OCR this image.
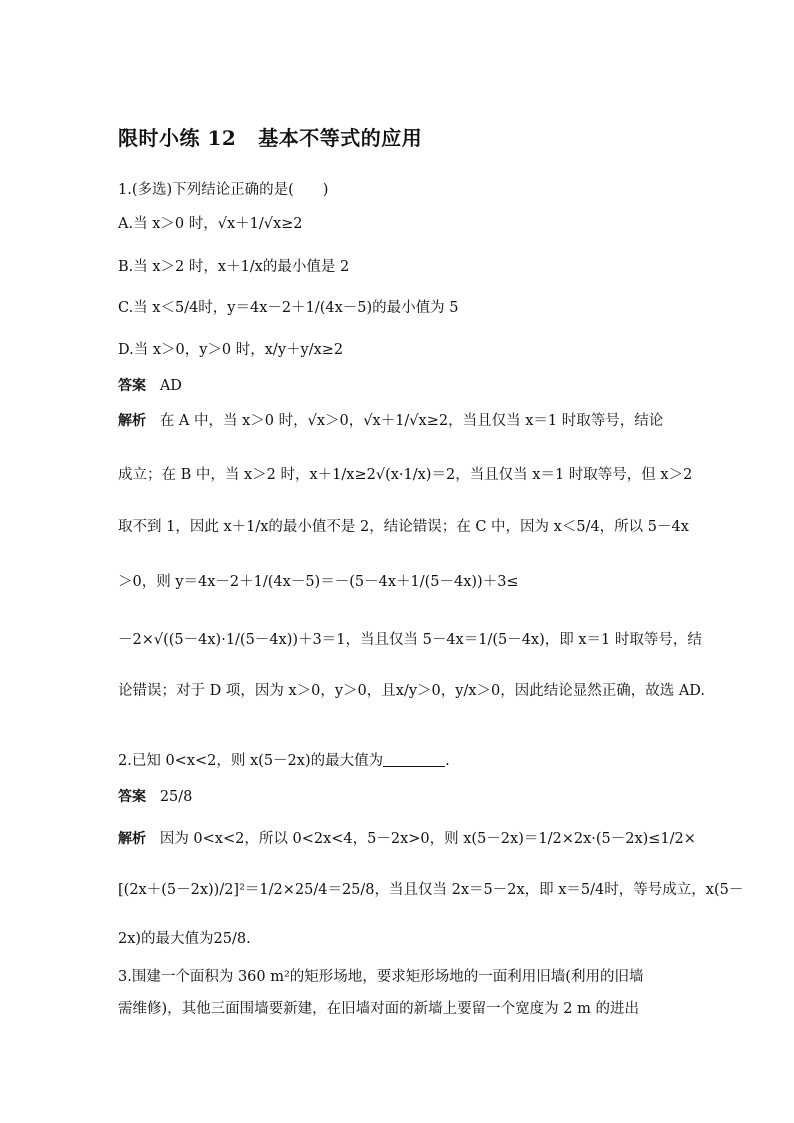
限时小练 12 基本不等式的应用
1.(多选)下列结论正确的是(　　)
A.当 x＞0 时，√x＋1/√x≥2
B.当 x＞2 时，x＋1/x的最小值是 2
C.当 x＜5/4时，y＝4x－2＋1/(4x－5)的最小值为 5
D.当 x＞0，y＞0 时，x/y＋y/x≥2
答案 AD
解析 在 A 中，当 x＞0 时，√x＞0，√x＋1/√x≥2，当且仅当 x＝1 时取等号，结论
成立；在 B 中，当 x＞2 时，x＋1/x≥2√(x·1/x)＝2，当且仅当 x＝1 时取等号，但 x＞2
取不到 1，因此 x＋1/x的最小值不是 2，结论错误；在 C 中，因为 x＜5/4，所以 5－4x
＞0，则 y＝4x－2＋1/(4x－5)＝－(5－4x＋1/(5－4x))＋3≤
－2×√((5－4x)·1/(5－4x))＋3＝1，当且仅当 5－4x＝1/(5－4x)，即 x＝1 时取等号，结
论错误；对于 D 项，因为 x＞0，y＞0，且x/y＞0，y/x＞0，因此结论显然正确，故选 AD.
2.已知 0<x<2，则 x(5－2x)的最大值为	.
答案 25/8
解析 因为 0<x<2，所以 0<2x<4，5－2x>0，则 x(5－2x)＝1/2×2x·(5－2x)≤1/2×
[(2x＋(5－2x))/2]²＝1/2×25/4＝25/8，当且仅当 2x＝5－2x，即 x＝5/4时，等号成立，x(5－
2x)的最大值为25/8.
3.围建一个面积为 360 m²的矩形场地，要求矩形场地的一面利用旧墙(利用的旧墙
需维修)，其他三面围墙要新建，在旧墙对面的新墙上要留一个宽度为 2 m 的进出
